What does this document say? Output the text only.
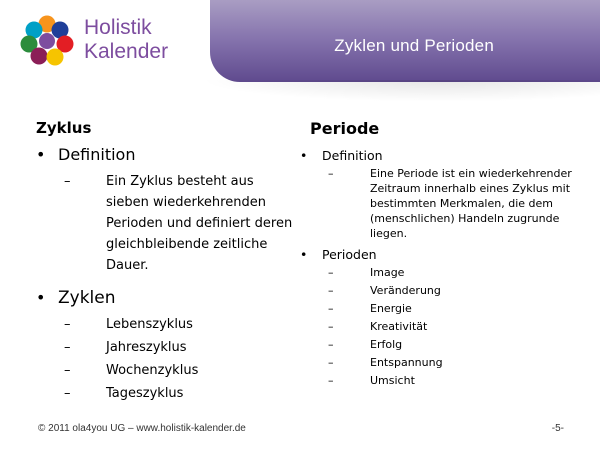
Holistik
Kalender	Zyklen und Perioden
Zyklus
• Definition
–	Ein Zyklus besteht aus sieben wiederkehrenden Perioden und definiert deren gleichbleibende zeitliche Dauer.
• Zyklen
–	Lebenszyklus
–	Jahreszyklus
–	Wochenzyklus
–	Tageszyklus
Periode
• Definition
–	Eine Periode ist ein wiederkehrender Zeitraum innerhalb eines Zyklus mit bestimmten Merkmalen, die dem (menschlichen) Handeln zugrunde liegen.
• Perioden
–	Image
–	Veränderung
–	Energie
–	Kreativität
–	Erfolg
–	Entspannung
–	Umsicht
© 2011 ola4you UG – www.holistik-kalender.de	-5-
